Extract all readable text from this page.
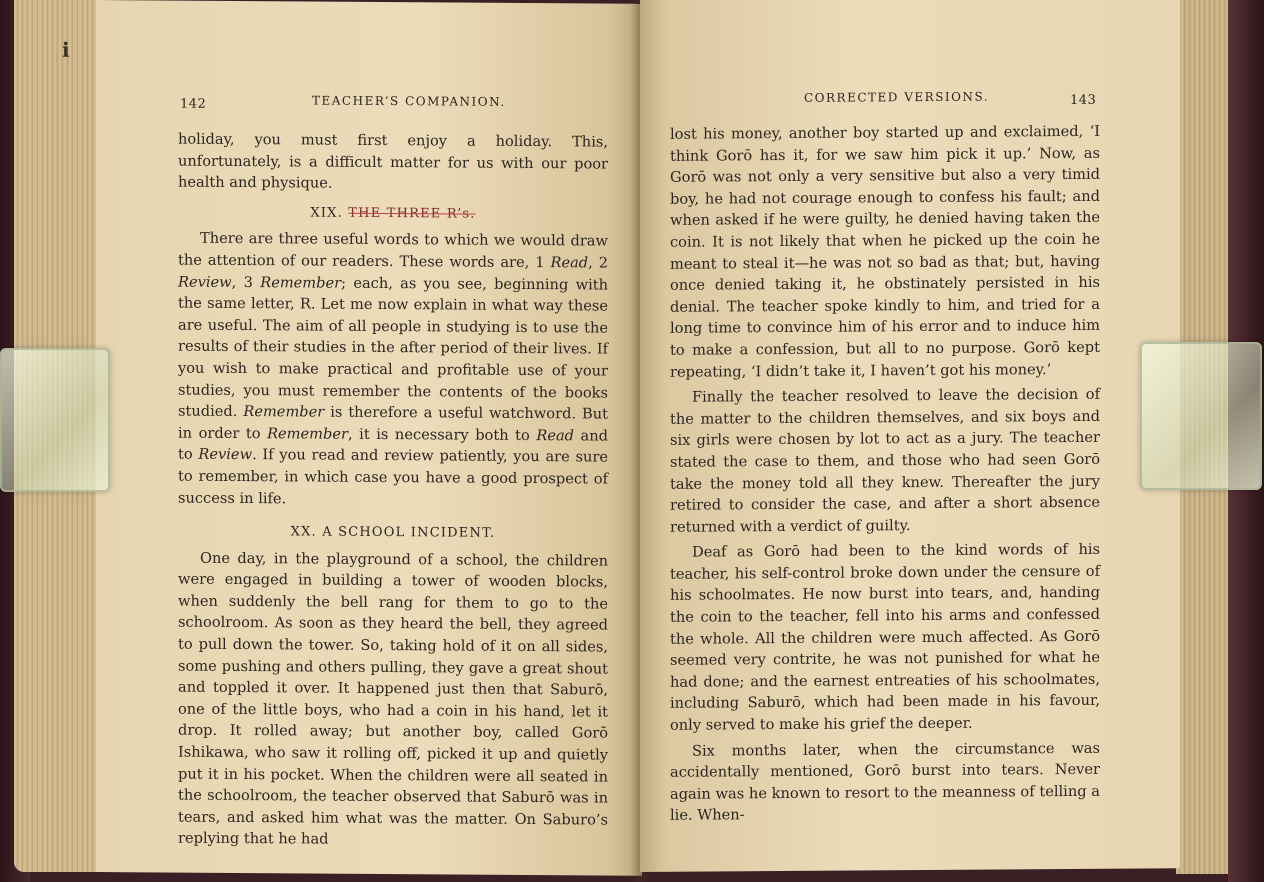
142	TEACHER’S COMPANION.

holiday, you must first enjoy a holiday. This, unfortunately, is a difficult matter for us with our poor health and physique.

XIX. THE THREE R’s.

There are three useful words to which we would draw the attention of our readers. These words are, 1 Read, 2 Review, 3 Remember; each, as you see, beginning with the same letter, R. Let me now explain in what way these are useful. The aim of all people in studying is to use the results of their studies in the after period of their lives. If you wish to make practical and profitable use of your studies, you must remember the contents of the books studied. Remember is therefore a useful watchword. But in order to Remember, it is necessary both to Read and to Review. If you read and review patiently, you are sure to remember, in which case you have a good prospect of success in life.

XX. A SCHOOL INCIDENT.

One day, in the playground of a school, the children were engaged in building a tower of wooden blocks, when suddenly the bell rang for them to go to the schoolroom. As soon as they heard the bell, they agreed to pull down the tower. So, taking hold of it on all sides, some pushing and others pulling, they gave a great shout and toppled it over. It happened just then that Saburō, one of the little boys, who had a coin in his hand, let it drop. It rolled away; but another boy, called Gorō Ishikawa, who saw it rolling off, picked it up and quietly put it in his pocket. When the children were all seated in the schoolroom, the teacher observed that Saburō was in tears, and asked him what was the matter. On Saburo’s replying that he had

i
CORRECTED VERSIONS.	143

lost his money, another boy started up and exclaimed, ‘I think Gorō has it, for we saw him pick it up.’ Now, as Gorō was not only a very sensitive but also a very timid boy, he had not courage enough to confess his fault; and when asked if he were guilty, he denied having taken the coin. It is not likely that when he picked up the coin he meant to steal it—he was not so bad as that; but, having once denied taking it, he obstinately persisted in his denial. The teacher spoke kindly to him, and tried for a long time to convince him of his error and to induce him to make a confession, but all to no purpose. Gorō kept repeating, ‘I didn’t take it, I haven’t got his money.’

Finally the teacher resolved to leave the decision of the matter to the children themselves, and six boys and six girls were chosen by lot to act as a jury. The teacher stated the case to them, and those who had seen Gorō take the money told all they knew. Thereafter the jury retired to consider the case, and after a short absence returned with a verdict of guilty.

Deaf as Gorō had been to the kind words of his teacher, his self-control broke down under the censure of his schoolmates. He now burst into tears, and, handing the coin to the teacher, fell into his arms and confessed the whole. All the children were much affected. As Gorō seemed very contrite, he was not punished for what he had done; and the earnest entreaties of his schoolmates, including Saburō, which had been made in his favour, only served to make his grief the deeper.

Six months later, when the circumstance was accidentally mentioned, Gorō burst into tears. Never again was he known to resort to the meanness of telling a lie. When-
